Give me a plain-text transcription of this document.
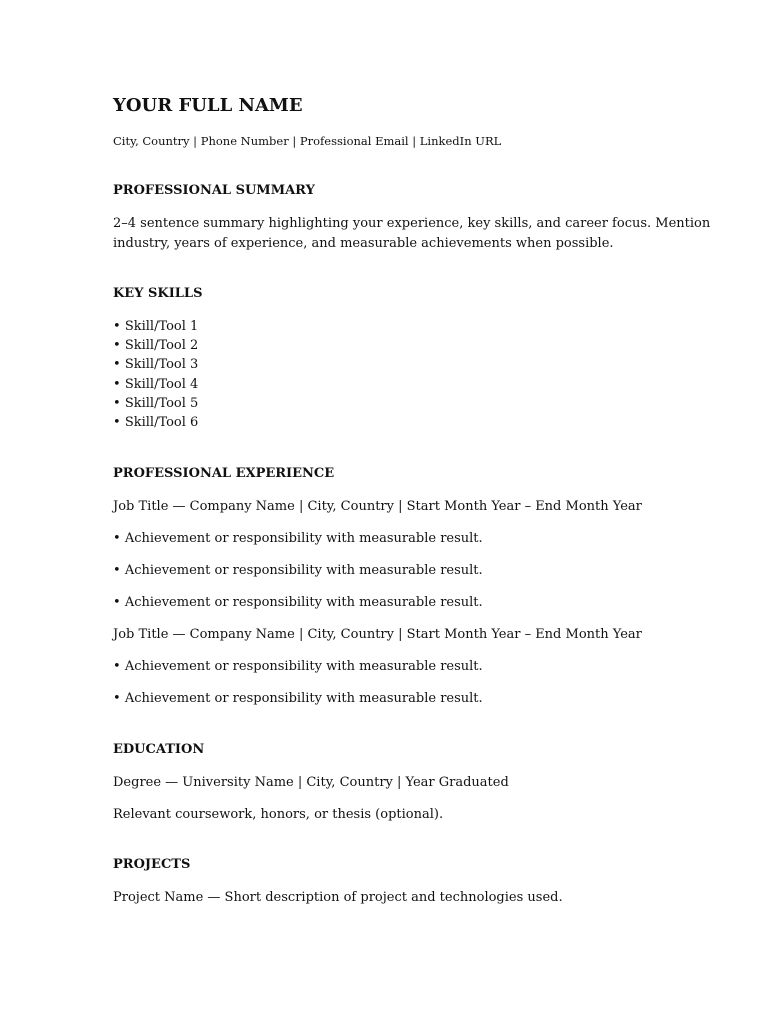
YOUR FULL NAME
City, Country | Phone Number | Professional Email | LinkedIn URL
PROFESSIONAL SUMMARY
2–4 sentence summary highlighting your experience, key skills, and career focus. Mention
industry, years of experience, and measurable achievements when possible.
KEY SKILLS
• Skill/Tool 1
• Skill/Tool 2
• Skill/Tool 3
• Skill/Tool 4
• Skill/Tool 5
• Skill/Tool 6
PROFESSIONAL EXPERIENCE
Job Title — Company Name | City, Country | Start Month Year – End Month Year
• Achievement or responsibility with measurable result.
• Achievement or responsibility with measurable result.
• Achievement or responsibility with measurable result.
Job Title — Company Name | City, Country | Start Month Year – End Month Year
• Achievement or responsibility with measurable result.
• Achievement or responsibility with measurable result.
EDUCATION
Degree — University Name | City, Country | Year Graduated
Relevant coursework, honors, or thesis (optional).
PROJECTS
Project Name — Short description of project and technologies used.
